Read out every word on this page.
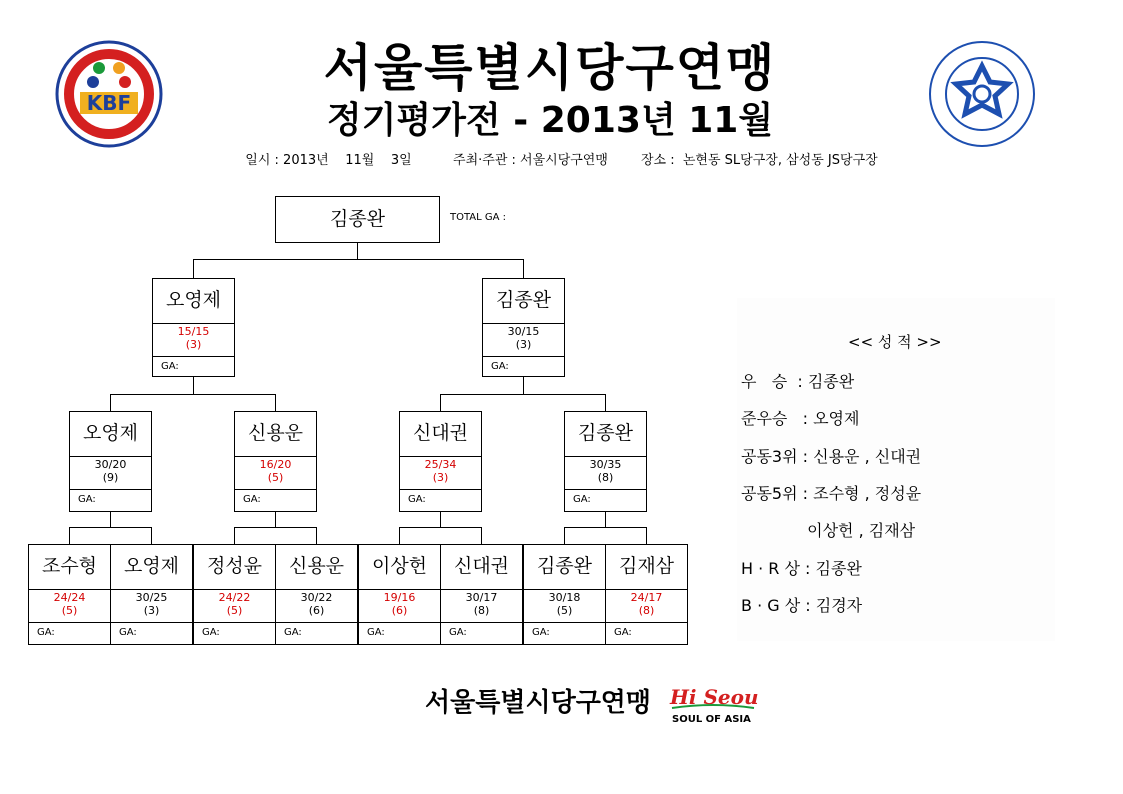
KBF
서울특별시당구연맹
정기평가전 - 2013년 11월
일시 : 2013년    11월    3일          주최·주관 : 서울시당구연맹        장소 :  논현동 SL당구장, 삼성동 JS당구장
김종완	TOTAL GA :
오영제
15/15
(3)
GA:
김종완
30/15
(3)
GA:
오영제
30/20
(9)
GA:
신용운
16/20
(5)
GA:
신대권
25/34
(3)
GA:
김종완
30/35
(8)
GA:
조수형
24/24
(5)
GA:
오영제
30/25
(3)
GA:
정성윤
24/22
(5)
GA:
신용운
30/22
(6)
GA:
이상헌
19/16
(6)
GA:
신대권
30/17
(8)
GA:
김종완
30/18
(5)
GA:
김재삼
24/17
(8)
GA:
<< 성 적 >>
우   승  : 김종완
준우승   : 오영제
공동3위 : 신용운 , 신대권
공동5위 : 조수형 , 정성윤
이상헌 , 김재삼
H · R 상 : 김종완
B · G 상 : 김경자
서울특별시당구연맹 Hi Seoul
SOUL OF ASIA
